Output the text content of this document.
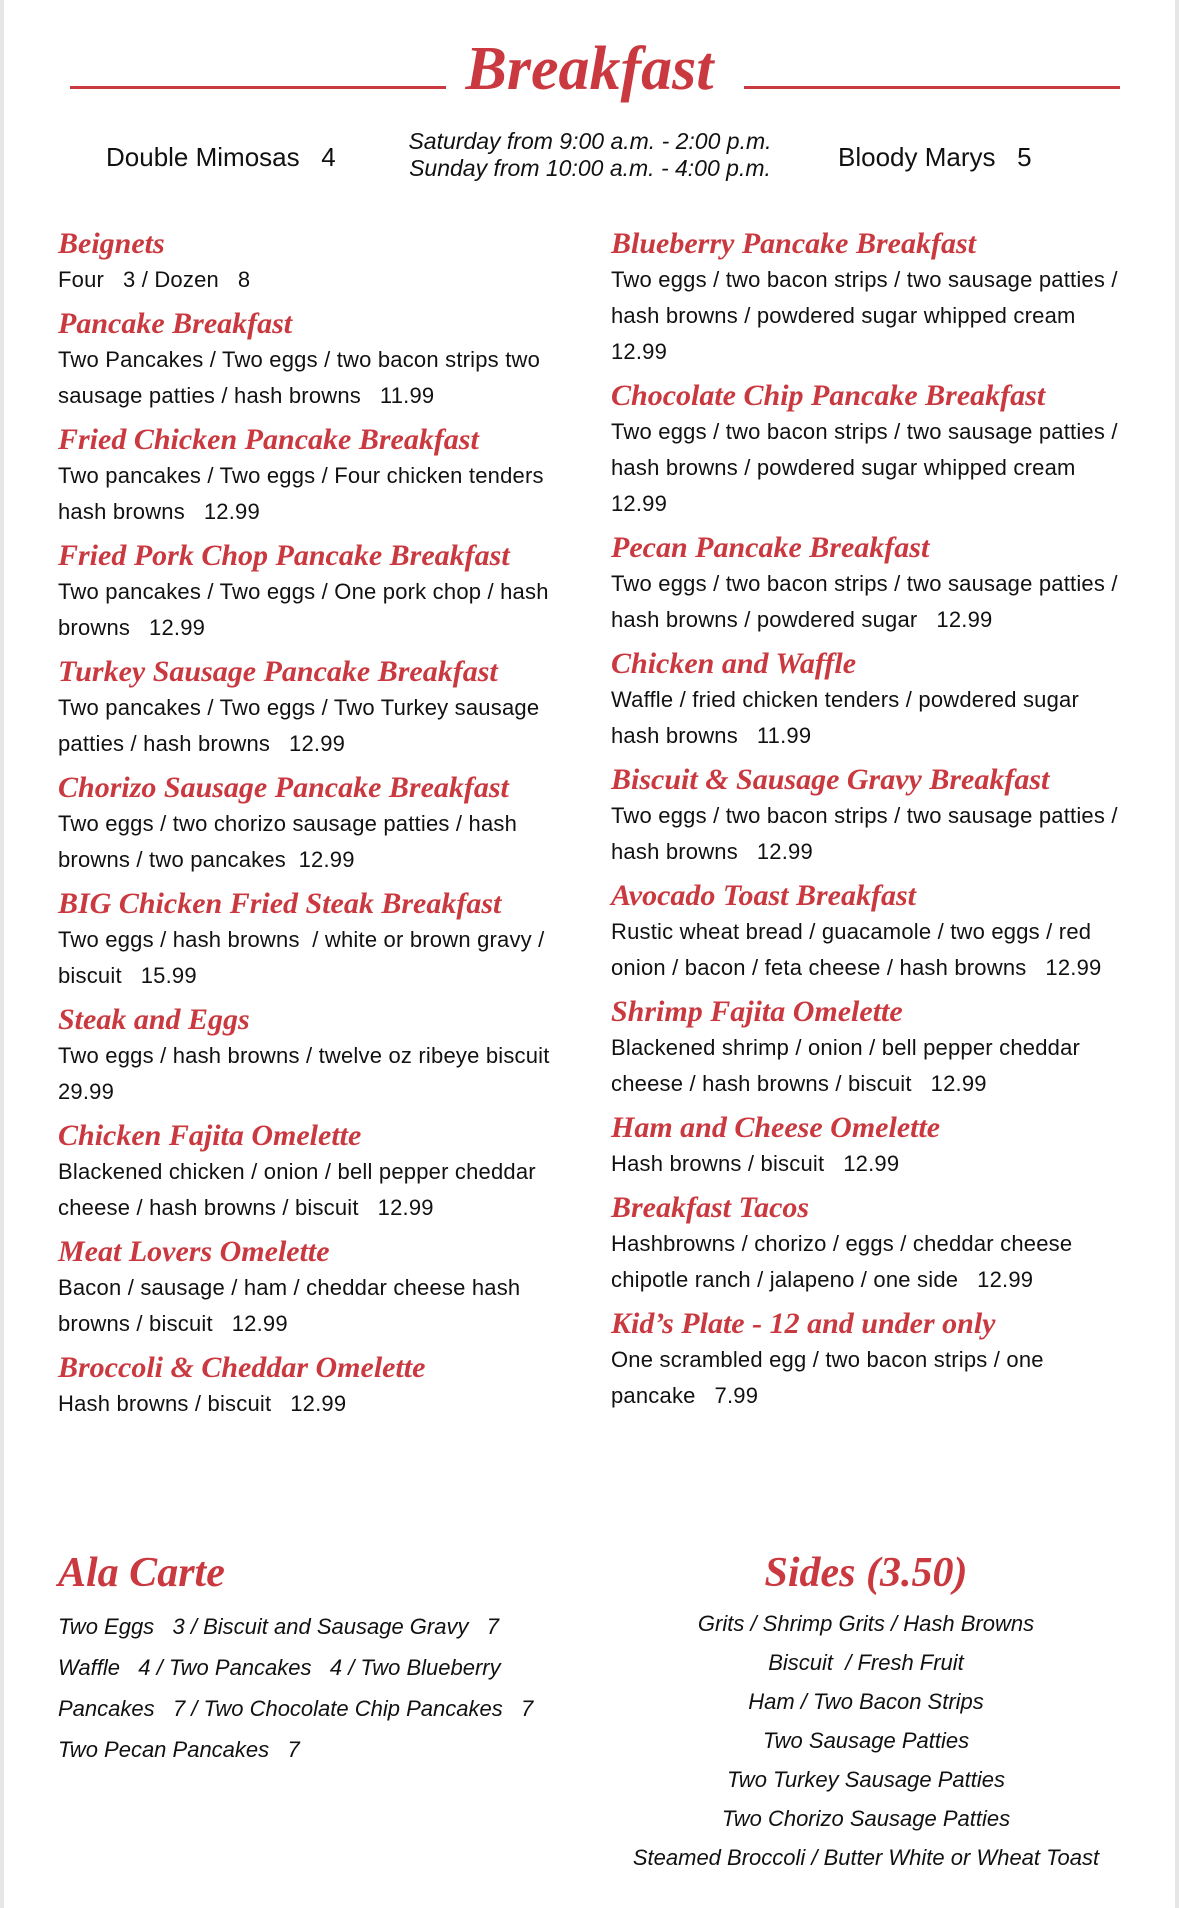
Breakfast
Double Mimosas   4
Saturday from 9:00 a.m. - 2:00 p.m.
Sunday from 10:00 a.m. - 4:00 p.m.	Bloody Marys   5
Beignets
Four   3 / Dozen   8
Pancake Breakfast
Two Pancakes / Two eggs / two bacon strips two sausage patties / hash browns   11.99
Fried Chicken Pancake Breakfast
Two pancakes / Two eggs / Four chicken tenders hash browns   12.99
Fried Pork Chop Pancake Breakfast
Two pancakes / Two eggs / One pork chop / hash browns   12.99
Turkey Sausage Pancake Breakfast
Two pancakes / Two eggs / Two Turkey sausage patties / hash browns   12.99
Chorizo Sausage Pancake Breakfast
Two eggs / two chorizo sausage patties / hash browns / two pancakes  12.99
BIG Chicken Fried Steak Breakfast
Two eggs / hash browns  / white or brown gravy / biscuit   15.99
Steak and Eggs
Two eggs / hash browns / twelve oz ribeye biscuit   29.99
Chicken Fajita Omelette
Blackened chicken / onion / bell pepper cheddar cheese / hash browns / biscuit   12.99
Meat Lovers Omelette
Bacon / sausage / ham / cheddar cheese hash browns / biscuit   12.99
Broccoli & Cheddar Omelette
Hash browns / biscuit   12.99
Blueberry Pancake Breakfast
Two eggs / two bacon strips / two sausage patties / hash browns / powdered sugar whipped cream   12.99
Chocolate Chip Pancake Breakfast
Two eggs / two bacon strips / two sausage patties / hash browns / powdered sugar whipped cream   12.99
Pecan Pancake Breakfast
Two eggs / two bacon strips / two sausage patties / hash browns / powdered sugar   12.99
Chicken and Waffle
Waffle / fried chicken tenders / powdered sugar hash browns   11.99
Biscuit & Sausage Gravy Breakfast
Two eggs / two bacon strips / two sausage patties / hash browns   12.99
Avocado Toast Breakfast
Rustic wheat bread / guacamole / two eggs / red onion / bacon / feta cheese / hash browns   12.99
Shrimp Fajita Omelette
Blackened shrimp / onion / bell pepper cheddar cheese / hash browns / biscuit   12.99
Ham and Cheese Omelette
Hash browns / biscuit   12.99
Breakfast Tacos
Hashbrowns / chorizo / eggs / cheddar cheese chipotle ranch / jalapeno / one side   12.99
Kid’s Plate - 12 and under only
One scrambled egg / two bacon strips / one pancake   7.99
Ala Carte
Two Eggs   3 / Biscuit and Sausage Gravy   7
Waffle   4 / Two Pancakes   4 / Two Blueberry
Pancakes   7 / Two Chocolate Chip Pancakes   7
Two Pecan Pancakes   7
Sides (3.50)
Grits / Shrimp Grits / Hash Browns
Biscuit  / Fresh Fruit
Ham / Two Bacon Strips
Two Sausage Patties
Two Turkey Sausage Patties
Two Chorizo Sausage Patties
Steamed Broccoli / Butter White or Wheat Toast
